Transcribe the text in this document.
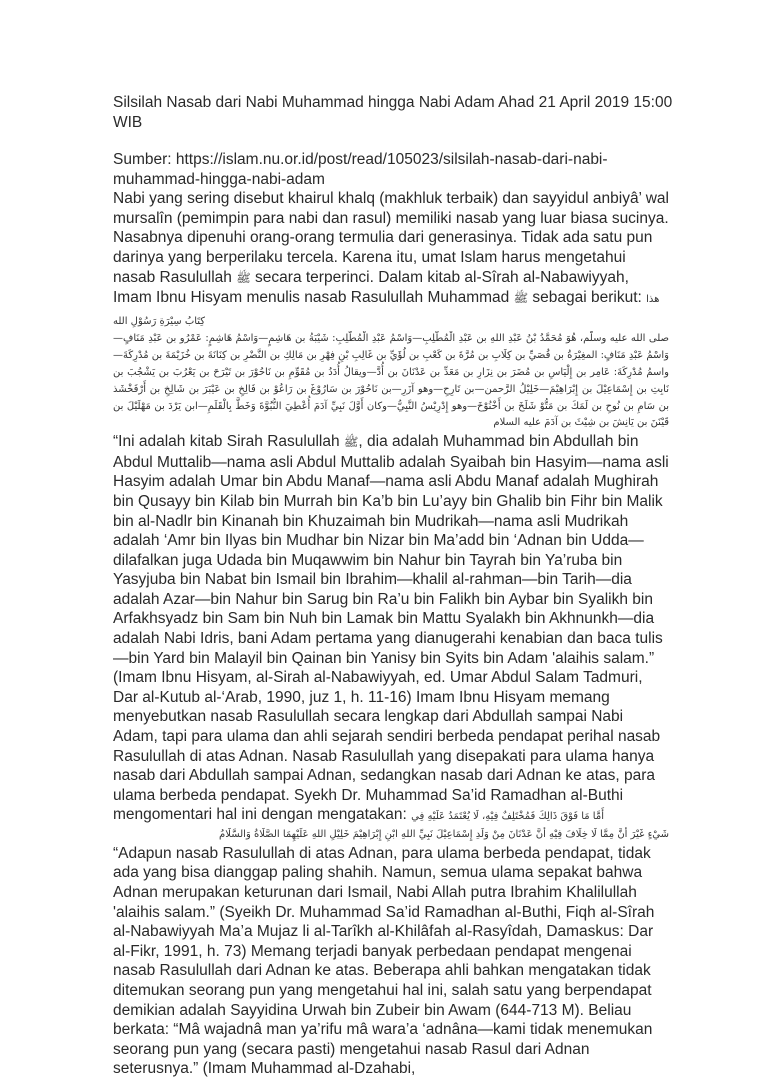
Silsilah Nasab dari Nabi Muhammad hingga Nabi Adam Ahad 21 April 2019 15:00 WIB

Sumber: https://islam.nu.or.id/post/read/105023/silsilah-nasab-dari-nabi-muhammad-hingga-nabi-adam

Nabi yang sering disebut khairul khalq (makhluk terbaik) dan sayyidul anbiyâ’ wal mursalîn (pemimpin para nabi dan rasul) memiliki nasab yang luar biasa sucinya. Nasabnya dipenuhi orang-orang termulia dari generasinya. Tidak ada satu pun darinya yang berperilaku tercela. Karena itu, umat Islam harus mengetahui nasab Rasulullah ﷺ secara terperinci. Dalam kitab al-Sîrah al-Nabawiyyah, Imam Ibnu Hisyam menulis nasab Rasulullah Muhammad ﷺ sebagai berikut: هذا كِتَابُ سِيْرَةِ رَسُوْلِ الله

صلى الله عليه وسلّم، هُوَ مُحَمَّدُ بْنُ عَبْدِ اللهِ بن عَبْدِ الْمُطَّلِبِ—وَاسْمُ عَبْدِ الْمُطَّلِبِ: شَيْبَةُ بن هَاشِمٍ—وَاسْمُ هَاشِمٍ: عَمْرُو بن عَبْدِ مَنَافٍ—وَاسْمُ عَبْدِ مَنَافٍ: المغِيْرَةُ بن قُصَيِّ بن كِلَابِ بن مُرَّةَ بن كَعْبِ بن لُؤَيِّ بن غَالِبِ بْنِ فِهْرِ بن مَالِكِ بن النَّضْرِ بن كِنَانَةَ بن خُزَيْمَةَ بن مُدْرِكَةَ—واسمُ مُدْرِكَةَ: عَامِر بن إِلْيَاسِ بن مُضَرَ بن نِزَارِ بن مَعَدِّ بن عَدْنَانَ بن أُدَّ—ويقالُ أُدَدُ بن مُقَوِّمِ بن نَاحُوْرَ بن تَيْرَحَ بن يَعْرُبَ بن يَشْجُبَ بن نَابِتِ بن إِسْمَاعِيْلَ بن إِبْرَاهِيْمَ—خَلِيْلُ الرَّحمن—بن تَارِحِ—وهو آزَرِ—بن نَاحُوْرَ بن سَارُوْغَ بن رَاعُوْ بن فَالِخِ بن عَيْبَرَ بن شَالِخِ بن أَرْفَخْشَذ بن سَامِ بن نُوحِ بن لَمَكَ بن مَتُّوْ شَلَخَ بن أَخْنُوْخَ—وهو إِدْرِيْسُ النَّبِيُّ—وكان أَوَّلَ نَبِيِّ آدَمَ أُعْطِيَ النُّبُوَّةَ وَخَطَّ بِالْقَلَمِ—ابن يَرْدَ بن مَهْلَيْلَ بن قَيْنَنَ بن يَانِشَ بن شِيْثَ بن آدَمَ عليه السلام

“Ini adalah kitab Sirah Rasulullah ﷺ, dia adalah Muhammad bin Abdullah bin Abdul Muttalib—nama asli Abdul Muttalib adalah Syaibah bin Hasyim—nama asli Hasyim adalah Umar bin Abdu Manaf—nama asli Abdu Manaf adalah Mughirah bin Qusayy bin Kilab bin Murrah bin Ka’b bin Lu’ayy bin Ghalib bin Fihr bin Malik bin al-Nadlr bin Kinanah bin Khuzaimah bin Mudrikah—nama asli Mudrikah adalah ‘Amr bin Ilyas bin Mudhar bin Nizar bin Ma’add bin ‘Adnan bin Udda—dilafalkan juga Udada bin Muqawwim bin Nahur bin Tayrah bin Ya’ruba bin Yasyjuba bin Nabat bin Ismail bin Ibrahim—khalil al-rahman—bin Tarih—dia adalah Azar—bin Nahur bin Sarug bin Ra’u bin Falikh bin Aybar bin Syalikh bin Arfakhsyadz bin Sam bin Nuh bin Lamak bin Mattu Syalakh bin Akhnunkh—dia adalah Nabi Idris, bani Adam pertama yang dianugerahi kenabian dan baca tulis—bin Yard bin Malayil bin Qainan bin Yanisy bin Syits bin Adam 'alaihis salam.” (Imam Ibnu Hisyam, al-Sirah al-Nabawiyyah, ed. Umar Abdul Salam Tadmuri, Dar al-Kutub al-‘Arab, 1990, juz 1, h. 11-16) Imam Ibnu Hisyam memang menyebutkan nasab Rasulullah secara lengkap dari Abdullah sampai Nabi Adam, tapi para ulama dan ahli sejarah sendiri berbeda pendapat perihal nasab Rasulullah di atas Adnan. Nasab Rasulullah yang disepakati para ulama hanya nasab dari Abdullah sampai Adnan, sedangkan nasab dari Adnan ke atas, para ulama berbeda pendapat. Syekh Dr. Muhammad Sa’id Ramadhan al-Buthi mengomentari hal ini dengan mengatakan: أَمَّا مَا فَوْقَ ذَالِكَ فَمُخْتَلِفٌ فِيْهِ، لَا يُعْتَمَدُ عَلَيْهِ فِي

شَيْءٍ غَيْرَ أَنَّ مِمَّا لَا خِلَافَ فِيْهِ أَنَّ عَدْنَانَ مِنْ وَلَدِ إِسْمَاعِيْلَ نَبِيِّ اللهِ ابْنِ إِبْرَاهِيْمَ خَلِيْلِ اللهِ عَلَيْهِمَا الصَّلَاةُ وَالسَّلَامُ

“Adapun nasab Rasulullah di atas Adnan, para ulama berbeda pendapat, tidak ada yang bisa dianggap paling shahih. Namun, semua ulama sepakat bahwa Adnan merupakan keturunan dari Ismail, Nabi Allah putra Ibrahim Khalilullah 'alaihis salam.” (Syeikh Dr. Muhammad Sa’id Ramadhan al-Buthi, Fiqh al-Sîrah al-Nabawiyyah Ma’a Mujaz li al-Tarîkh al-Khilâfah al-Rasyîdah, Damaskus: Dar al-Fikr, 1991, h. 73) Memang terjadi banyak perbedaan pendapat mengenai nasab Rasulullah dari Adnan ke atas. Beberapa ahli bahkan mengatakan tidak ditemukan seorang pun yang mengetahui hal ini, salah satu yang berpendapat demikian adalah Sayyidina Urwah bin Zubeir bin Awam (644-713 M). Beliau berkata: “Mâ wajadnâ man ya’rifu mâ wara’a ‘adnâna—kami tidak menemukan seorang pun yang (secara pasti) mengetahui nasab Rasul dari Adnan seterusnya.” (Imam Muhammad al-Dzahabi,
